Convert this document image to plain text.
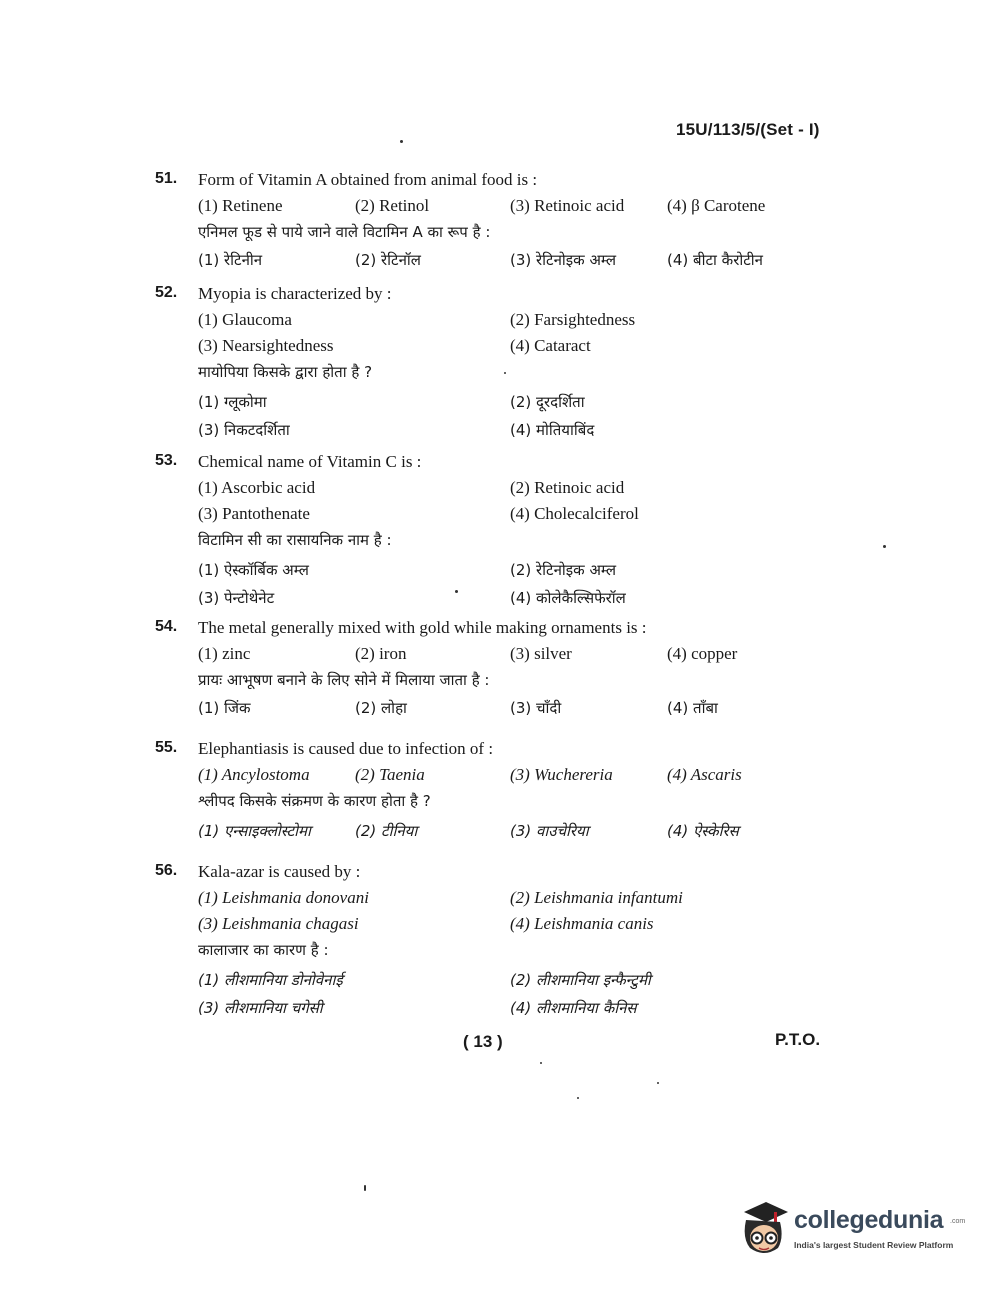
15U/113/5/(Set - I)
51. Form of Vitamin A obtained from animal food is :
(1) Retinene	(2) Retinol	(3) Retinoic acid	(4) β Carotene
एनिमल फूड से पाये जाने वाले विटामिन A का रूप है :
(1) रेटिनीन	(2) रेटिनॉल	(3) रेटिनोइक अम्ल	(4) बीटा कैरोटीन
52. Myopia is characterized by :
(1) Glaucoma	(2) Farsightedness
(3) Nearsightedness	(4) Cataract
मायोपिया किसके द्वारा होता है ?
(1) ग्लूकोमा	(2) दूरदर्शिता
(3) निकटदर्शिता	(4) मोतियाबिंद
53. Chemical name of Vitamin C is :
(1) Ascorbic acid	(2) Retinoic acid
(3) Pantothenate	(4) Cholecalciferol
विटामिन सी का रासायनिक नाम है :
(1) ऐस्कॉर्बिक अम्ल	(2) रेटिनोइक अम्ल
(3) पेन्टोथेनेट	(4) कोलेकैल्सिफेरॉल
54. The metal generally mixed with gold while making ornaments is :
(1) zinc	(2) iron	(3) silver	(4) copper
प्रायः आभूषण बनाने के लिए सोने में मिलाया जाता है :
(1) जिंक	(2) लोहा	(3) चाँदी	(4) ताँबा
55. Elephantiasis is caused due to infection of :
(1) Ancylostoma	(2) Taenia	(3) Wuchereria	(4) Ascaris
श्लीपद किसके संक्रमण के कारण होता है ?
(1) एन्साइक्लोस्टोमा	(2) टीनिया	(3) वाउचेरिया	(4) ऐस्केरिस
56. Kala-azar is caused by :
(1) Leishmania donovani	(2) Leishmania infantumi
(3) Leishmania chagasi	(4) Leishmania canis
कालाजार का कारण है :
(1) लीशमानिया डोनोवेनाई	(2) लीशमानिया इन्फैन्टुमी
(3) लीशमानिया चगेसी	(4) लीशमानिया कैनिस
( 13 )	P.T.O.
collegedunia .com
India's largest Student Review Platform
